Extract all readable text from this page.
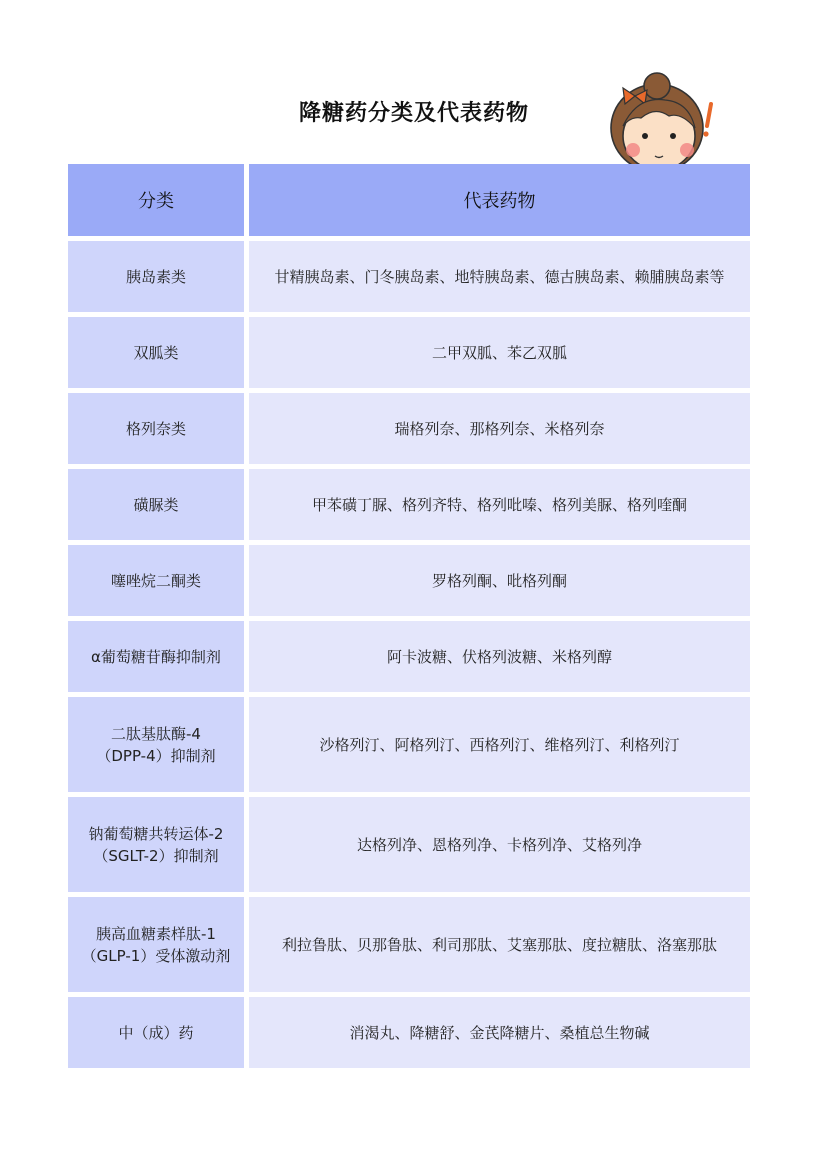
降糖药分类及代表药物
分类	代表药物
胰岛素类	甘精胰岛素、门冬胰岛素、地特胰岛素、德古胰岛素、赖脯胰岛素等
双胍类	二甲双胍、苯乙双胍
格列奈类	瑞格列奈、那格列奈、米格列奈
磺脲类	甲苯磺丁脲、格列齐特、格列吡嗪、格列美脲、格列喹酮
噻唑烷二酮类	罗格列酮、吡格列酮
α葡萄糖苷酶抑制剂	阿卡波糖、伏格列波糖、米格列醇

二肽基肽酶-4
（DPP-4）抑制剂	沙格列汀、阿格列汀、西格列汀、维格列汀、利格列汀

钠葡萄糖共转运体-2
（SGLT-2）抑制剂	达格列净、恩格列净、卡格列净、艾格列净

胰高血糖素样肽-1
（GLP-1）受体激动剂	利拉鲁肽、贝那鲁肽、利司那肽、艾塞那肽、度拉糖肽、洛塞那肽
中（成）药	消渴丸、降糖舒、金芪降糖片、桑植总生物碱
